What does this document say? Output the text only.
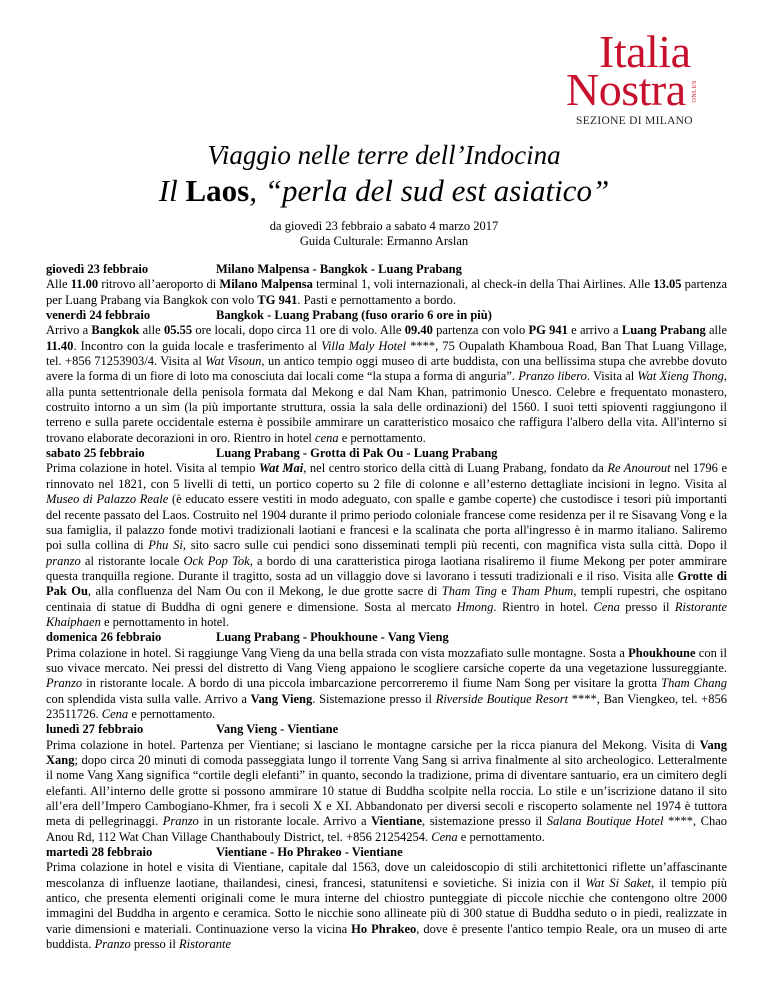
Italia
Nostra	ONLUS
SEZIONE DI MILANO
Viaggio nelle terre dell’Indocina
Il Laos, “perla del sud est asiatico”
da giovedì 23 febbraio a sabato 4 marzo 2017
Guida Culturale: Ermanno Arslan
giovedì 23 febbraio	Milano Malpensa - Bangkok - Luang Prabang

Alle 11.00 ritrovo all’aeroporto di Milano Malpensa terminal 1, voli internazionali, al check-in della Thai Airlines. Alle 13.05 partenza per Luang Prabang via Bangkok con volo TG 941. Pasti e pernottamento a bordo.

venerdì 24 febbraio	Bangkok - Luang Prabang (fuso orario 6 ore in più)

Arrivo a Bangkok alle 05.55 ore locali, dopo circa 11 ore di volo. Alle 09.40 partenza con volo PG 941 e arrivo a Luang Prabang alle 11.40. Incontro con la guida locale e trasferimento al Villa Maly Hotel ****, 75 Oupalath Khamboua Road, Ban That Luang Village, tel. +856 71253903/4. Visita al Wat Visoun, un antico tempio oggi museo di arte buddista, con una bellissima stupa che avrebbe dovuto avere la forma di un fiore di loto ma conosciuta dai locali come “la stupa a forma di anguria”. Pranzo libero. Visita al Wat Xieng Thong, alla punta settentrionale della penisola formata dal Mekong e dal Nam Khan, patrimonio Unesco. Celebre e frequentato monastero, costruito intorno a un sìm (la più importante struttura, ossia la sala delle ordinazioni) del 1560. I suoi tetti spioventi raggiungono il terreno e sulla parete occidentale esterna è possibile ammirare un caratteristico mosaico che raffigura l'albero della vita. All'interno si trovano elaborate decorazioni in oro. Rientro in hotel cena e pernottamento.

sabato 25 febbraio	Luang Prabang - Grotta di Pak Ou - Luang Prabang

Prima colazione in hotel. Visita al tempio Wat Mai, nel centro storico della città di Luang Prabang, fondato da Re Anourout nel 1796 e rinnovato nel 1821, con 5 livelli di tetti, un portico coperto su 2 file di colonne e all’esterno dettagliate incisioni in legno. Visita al Museo di Palazzo Reale (è educato essere vestiti in modo adeguato, con spalle e gambe coperte) che custodisce i tesori più importanti del recente passato del Laos. Costruito nel 1904 durante il primo periodo coloniale francese come residenza per il re Sisavang Vong e la sua famiglia, il palazzo fonde motivi tradizionali laotiani e francesi e la scalinata che porta all'ingresso è in marmo italiano. Saliremo poi sulla collina di Phu Si, sito sacro sulle cui pendici sono disseminati templi più recenti, con magnifica vista sulla città. Dopo il pranzo al ristorante locale Ock Pop Tok, a bordo di una caratteristica piroga laotiana risaliremo il fiume Mekong per poter ammirare questa tranquilla regione. Durante il tragitto, sosta ad un villaggio dove si lavorano i tessuti tradizionali e il riso. Visita alle Grotte di Pak Ou, alla confluenza del Nam Ou con il Mekong, le due grotte sacre di Tham Ting e Tham Phum, templi rupestri, che ospitano centinaia di statue di Buddha di ogni genere e dimensione. Sosta al mercato Hmong. Rientro in hotel. Cena presso il Ristorante Khaiphaen e pernottamento in hotel.

domenica 26 febbraio	Luang Prabang - Phoukhoune - Vang Vieng

Prima colazione in hotel. Si raggiunge Vang Vieng da una bella strada con vista mozzafiato sulle montagne. Sosta a Phoukhoune con il suo vivace mercato. Nei pressi del distretto di Vang Vieng appaiono le scogliere carsiche coperte da una vegetazione lussureggiante. Pranzo in ristorante locale. A bordo di una piccola imbarcazione percorreremo il fiume Nam Song per visitare la grotta Tham Chang con splendida vista sulla valle. Arrivo a Vang Vieng. Sistemazione presso il Riverside Boutique Resort ****, Ban Viengkeo, tel. +856 23511726. Cena e pernottamento.

lunedì 27 febbraio	Vang Vieng - Vientiane

Prima colazione in hotel. Partenza per Vientiane; si lasciano le montagne carsiche per la ricca pianura del Mekong. Visita di Vang Xang; dopo circa 20 minuti di comoda passeggiata lungo il torrente Vang Sang si arriva finalmente al sito archeologico. Letteralmente il nome Vang Xang significa “cortile degli elefanti” in quanto, secondo la tradizione, prima di diventare santuario, era un cimitero degli elefanti. All’interno delle grotte si possono ammirare 10 statue di Buddha scolpite nella roccia. Lo stile e un’iscrizione datano il sito all’era dell’Impero Cambogiano-Khmer, fra i secoli X e XI. Abbandonato per diversi secoli e riscoperto solamente nel 1974 è tuttora meta di pellegrinaggi. Pranzo in un ristorante locale. Arrivo a Vientiane, sistemazione presso il Salana Boutique Hotel ****, Chao Anou Rd, 112 Wat Chan Village Chanthabouly District, tel. +856 21254254. Cena e pernottamento.

martedì 28 febbraio	Vientiane - Ho Phrakeo - Vientiane

Prima colazione in hotel e visita di Vientiane, capitale dal 1563, dove un caleidoscopio di stili architettonici riflette un’affascinante mescolanza di influenze laotiane, thailandesi, cinesi, francesi, statunitensi e sovietiche. Si inizia con il Wat Si Saket, il tempio più antico, che presenta elementi originali come le mura interne del chiostro punteggiate di piccole nicchie che contengono oltre 2000 immagini del Buddha in argento e ceramica. Sotto le nicchie sono allineate più di 300 statue di Buddha seduto o in piedi, realizzate in varie dimensioni e materiali. Continuazione verso la vicina Ho Phrakeo, dove è presente l'antico tempio Reale, ora un museo di arte buddista. Pranzo presso il Ristorante
